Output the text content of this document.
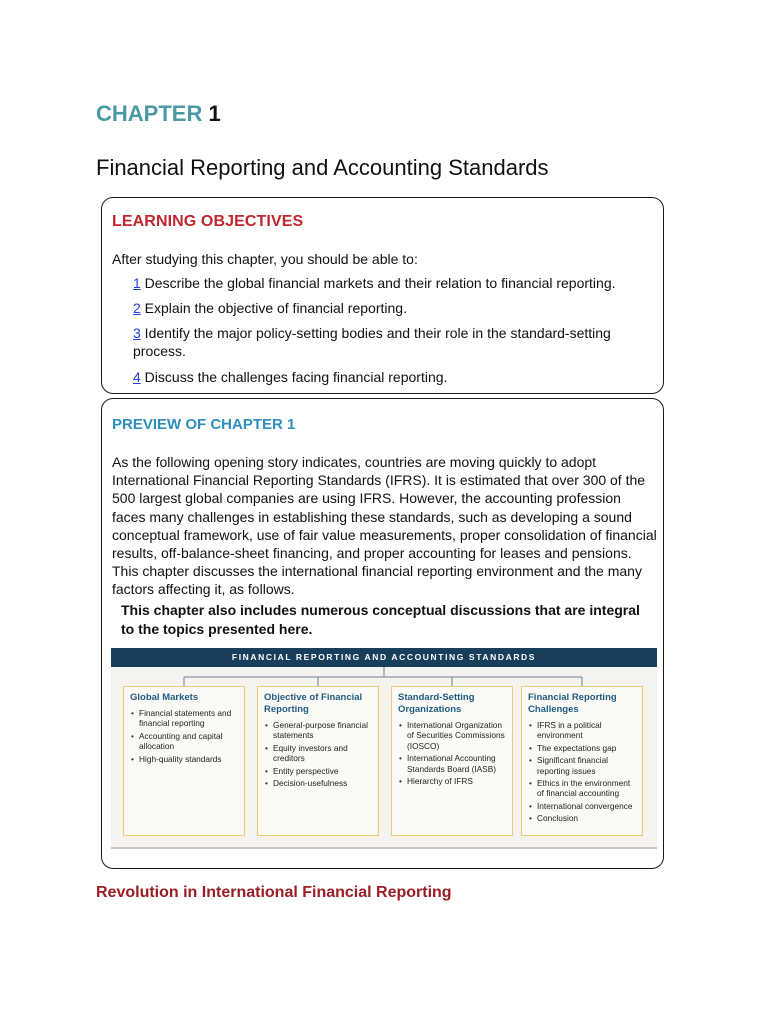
CHAPTER 1
Financial Reporting and Accounting Standards
LEARNING OBJECTIVES

After studying this chapter, you should be able to:

1 Describe the global financial markets and their relation to financial reporting.
2 Explain the objective of financial reporting.
3 Identify the major policy-setting bodies and their role in the standard-setting process.
4 Discuss the challenges facing financial reporting.
PREVIEW OF CHAPTER 1

As the following opening story indicates, countries are moving quickly to adopt International Financial Reporting Standards (IFRS). It is estimated that over 300 of the 500 largest global companies are using IFRS. However, the accounting profession faces many challenges in establishing these standards, such as developing a sound conceptual framework, use of fair value measurements, proper consolidation of financial results, off-balance-sheet financing, and proper accounting for leases and pensions. This chapter discusses the international financial reporting environment and the many factors affecting it, as follows.

This chapter also includes numerous conceptual discussions that are integral to the topics presented here.

FINANCIAL REPORTING AND ACCOUNTING STANDARDS

Global Markets

• Financial statements and financial reporting
• Accounting and capital allocation
• High-quality standards

Objective of Financial Reporting

• General-purpose financial statements
• Equity investors and creditors
• Entity perspective
• Decision-usefulness

Standard-Setting Organizations

• International Organization of Securities Commissions (IOSCO)
• International Accounting Standards Board (IASB)
• Hierarchy of IFRS

Financial Reporting Challenges

• IFRS in a political environment
• The expectations gap
• Significant financial reporting issues
• Ethics in the environment of financial accounting
• International convergence
• Conclusion
Revolution in International Financial Reporting
